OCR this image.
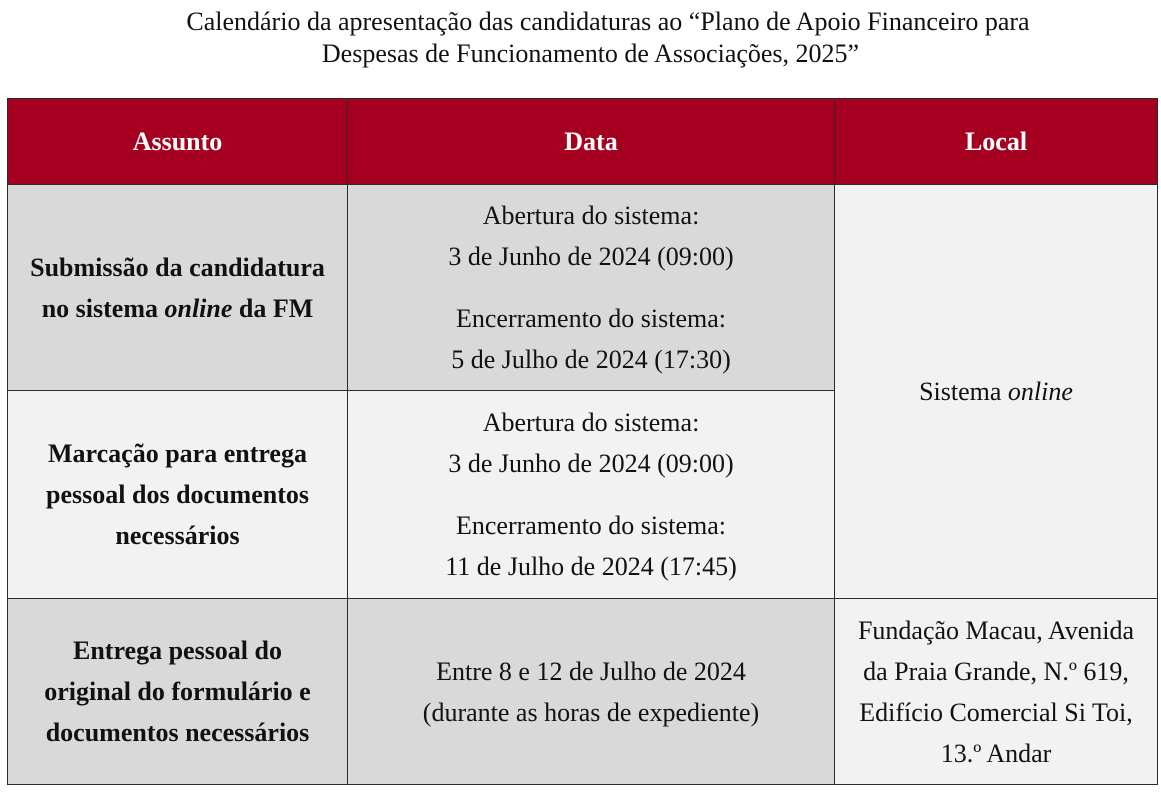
Calendário da apresentação das candidaturas ao “Plano de Apoio Financeiro para
Despesas de Funcionamento de Associações, 2025”
Assunto	Data	Local
Submissão da candidatura
no sistema online da FM	Abertura do sistema:
3 de Junho de 2024 (09:00)
Encerramento do sistema:
5 de Julho de 2024 (17:30)	Sistema online

Marcação para entrega
pessoal dos documentos
necessários	Abertura do sistema:
3 de Junho de 2024 (09:00)
Encerramento do sistema:
11 de Julho de 2024 (17:45)	

Entrega pessoal do
original do formulário e
documentos necessários	Entre 8 e 12 de Julho de 2024
(durante as horas de expediente)	Fundação Macau, Avenida
da Praia Grande, N.º 619,
Edifício Comercial Si Toi,
13.º Andar
